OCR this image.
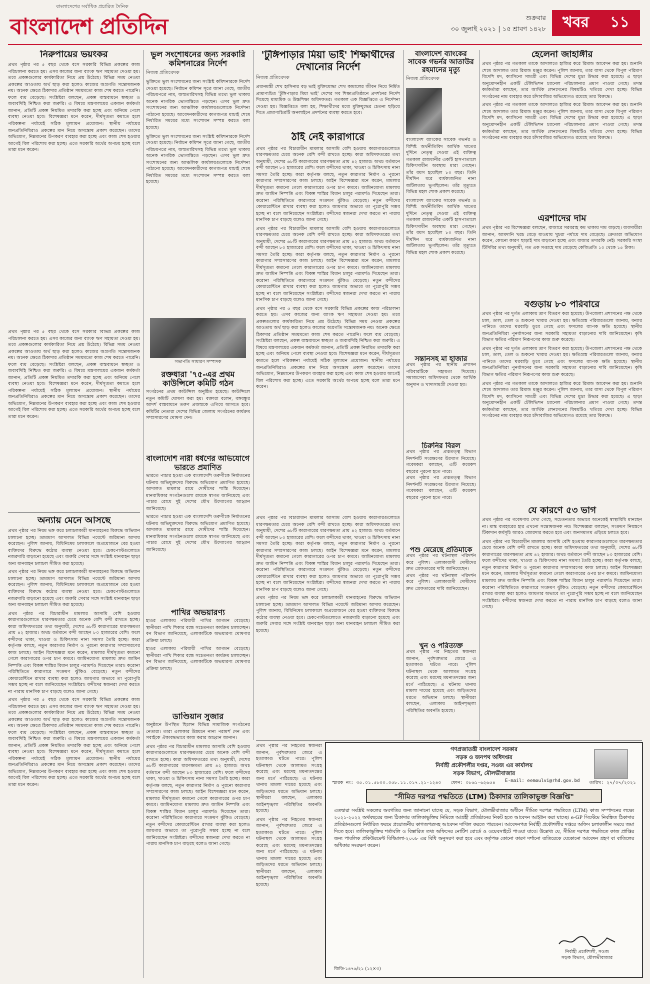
বাংলাদেশ প্রতিদিন
বাংলাদেশের সর্বাধিক প্রচারিত দৈনিক
শুক্রবার
৩০ জুলাই ২০২১ | ১৫ শ্রাবণ ১৪২৮ খবর ১১
নিরুপায়ের ভয়ংকর
প্রথম পৃষ্ঠার পর ৫ বছর থেকে বসে সরকারি বিভিন্ন প্রকল্পের কাজ পরিচালনা করতে হয়। এসব কাজের জন্য ব্যাংক ঋণ সহায়তা দেওয়া হয়। তবে প্রকল্পগুলোর কার্যকারিতা নিয়ে প্রশ্ন উঠেছে। বিভিন্ন সময় নেওয়া প্রকল্পের আওতায় অর্থ ছাড় করা হলেও কাজের অগ্রগতি সন্তোষজনক নয়। অনেক ক্ষেত্রে ঠিকাদার প্রতিষ্ঠান সময়মতো কাজ শেষ করতে পারেনি। ফলে ব্যয় বেড়েছে। সংশ্লিষ্টরা বলছেন, প্রকল্প বাস্তবায়নে স্বচ্ছতা ও জবাবদিহি নিশ্চিত করা জরুরি। এ বিষয়ে মন্ত্রণালয়ের একজন কর্মকর্তা জানান, প্রতিটি প্রকল্প নিয়মিত তদারকি করা হচ্ছে এবং অনিয়ম পেলে ব্যবস্থা নেওয়া হবে। বিশেষজ্ঞরা মনে করেন, দীর্ঘসূত্রতা কমাতে হলে পরিকল্পনা পর্যায়েই সঠিক মূল্যায়ন প্রয়োজন। স্থানীয় পর্যায়ের জনপ্রতিনিধিরাও প্রকল্পের মান নিয়ে অসন্তোষ প্রকাশ করেছেন। তাদের অভিযোগ, নিম্নমানের উপকরণ ব্যবহার করা হচ্ছে এবং কাজ শেষ হওয়ার আগেই বিল পরিশোধ করা হচ্ছে। এতে সরকারি অর্থের অপচয় হচ্ছে বলে তারা মনে করেন।
প্রথম পৃষ্ঠার পর ৫ বছর থেকে বসে সরকারি বিভিন্ন প্রকল্পের কাজ পরিচালনা করতে হয়। এসব কাজের জন্য ব্যাংক ঋণ সহায়তা দেওয়া হয়। তবে প্রকল্পগুলোর কার্যকারিতা নিয়ে প্রশ্ন উঠেছে। বিভিন্ন সময় নেওয়া প্রকল্পের আওতায় অর্থ ছাড় করা হলেও কাজের অগ্রগতি সন্তোষজনক নয়। অনেক ক্ষেত্রে ঠিকাদার প্রতিষ্ঠান সময়মতো কাজ শেষ করতে পারেনি। ফলে ব্যয় বেড়েছে। সংশ্লিষ্টরা বলছেন, প্রকল্প বাস্তবায়নে স্বচ্ছতা ও জবাবদিহি নিশ্চিত করা জরুরি। এ বিষয়ে মন্ত্রণালয়ের একজন কর্মকর্তা জানান, প্রতিটি প্রকল্প নিয়মিত তদারকি করা হচ্ছে এবং অনিয়ম পেলে ব্যবস্থা নেওয়া হবে। বিশেষজ্ঞরা মনে করেন, দীর্ঘসূত্রতা কমাতে হলে পরিকল্পনা পর্যায়েই সঠিক মূল্যায়ন প্রয়োজন। স্থানীয় পর্যায়ের জনপ্রতিনিধিরাও প্রকল্পের মান নিয়ে অসন্তোষ প্রকাশ করেছেন। তাদের অভিযোগ, নিম্নমানের উপকরণ ব্যবহার করা হচ্ছে এবং কাজ শেষ হওয়ার আগেই বিল পরিশোধ করা হচ্ছে। এতে সরকারি অর্থের অপচয় হচ্ছে বলে তারা মনে করেন।
অন্যায় মেনে আসছে
প্রথম পৃষ্ঠার পর নিয়ম ভঙ্গ করে চলাচলকারী যানবাহনের বিরুদ্ধে অভিযান চালানো হচ্ছে। ভ্রাম্যমাণ আদালত বিভিন্ন পয়েন্টে জরিমানা আদায় করেছেন। পুলিশ জানায়, বিধিনিষেধ চলাকালে অপ্রয়োজনে বের হওয়া ব্যক্তিদের বিরুদ্ধে কঠোর ব্যবস্থা নেওয়া হবে। চেকপোস্টগুলোতে নজরদারি বাড়ানো হয়েছে এবং জরুরি সেবার সঙ্গে সংশ্লিষ্ট যানবাহন ছাড়া অন্য যানবাহন চলাচল সীমিত করা হয়েছে।
প্রথম পৃষ্ঠার পর নিয়ম ভঙ্গ করে চলাচলকারী যানবাহনের বিরুদ্ধে অভিযান চালানো হচ্ছে। ভ্রাম্যমাণ আদালত বিভিন্ন পয়েন্টে জরিমানা আদায় করেছেন। পুলিশ জানায়, বিধিনিষেধ চলাকালে অপ্রয়োজনে বের হওয়া ব্যক্তিদের বিরুদ্ধে কঠোর ব্যবস্থা নেওয়া হবে। চেকপোস্টগুলোতে নজরদারি বাড়ানো হয়েছে এবং জরুরি সেবার সঙ্গে সংশ্লিষ্ট যানবাহন ছাড়া অন্য যানবাহন চলাচল সীমিত করা হয়েছে।
প্রথম পৃষ্ঠার পর বিচারাধীন মামলার আসামি বেশি হওয়ায় কারাগারগুলোতে ধারণক্ষমতার চেয়ে অনেক বেশি বন্দী রাখতে হচ্ছে। কারা অধিদফতরের তথ্য অনুযায়ী, দেশের ৬৮টি কারাগারের ধারণক্ষমতা প্রায় ৪২ হাজার। অথচ বর্তমানে বন্দী আছেন ৮০ হাজারের বেশি। ফলে বন্দীদের থাকা, খাওয়া ও চিকিৎসায় নানা সমস্যা তৈরি হচ্ছে। কারা কর্তৃপক্ষ বলছে, নতুন কারাগার নির্মাণ ও পুরনো কারাগার সম্প্রসারণের কাজ চলছে। আইন বিশেষজ্ঞরা মনে করেন, মামলার দীর্ঘসূত্রতা কমানো গেলে কারাগারের ওপর চাপ কমবে। জামিনযোগ্য মামলায় দ্রুত জামিন নিষ্পত্তি এবং বিকল্প শাস্তির বিধান চালুর পরামর্শও দিয়েছেন তারা। করোনা পরিস্থিতিতে কারাগারে সংক্রমণ ঝুঁকিও বেড়েছে। নতুন বন্দীদের কোয়ারেন্টিনে রাখার ব্যবস্থা করা হলেও জায়গার অভাবে তা পুরোপুরি সম্ভব হচ্ছে না বলে জানিয়েছেন সংশ্লিষ্টরা। বন্দীদের স্বজনরা দেখা করতে না পারায় মানসিক চাপ বাড়ছে বলেও জানা গেছে।
প্রথম পৃষ্ঠার পর ৫ বছর থেকে বসে সরকারি বিভিন্ন প্রকল্পের কাজ পরিচালনা করতে হয়। এসব কাজের জন্য ব্যাংক ঋণ সহায়তা দেওয়া হয়। তবে প্রকল্পগুলোর কার্যকারিতা নিয়ে প্রশ্ন উঠেছে। বিভিন্ন সময় নেওয়া প্রকল্পের আওতায় অর্থ ছাড় করা হলেও কাজের অগ্রগতি সন্তোষজনক নয়। অনেক ক্ষেত্রে ঠিকাদার প্রতিষ্ঠান সময়মতো কাজ শেষ করতে পারেনি। ফলে ব্যয় বেড়েছে। সংশ্লিষ্টরা বলছেন, প্রকল্প বাস্তবায়নে স্বচ্ছতা ও জবাবদিহি নিশ্চিত করা জরুরি। এ বিষয়ে মন্ত্রণালয়ের একজন কর্মকর্তা জানান, প্রতিটি প্রকল্প নিয়মিত তদারকি করা হচ্ছে এবং অনিয়ম পেলে ব্যবস্থা নেওয়া হবে। বিশেষজ্ঞরা মনে করেন, দীর্ঘসূত্রতা কমাতে হলে পরিকল্পনা পর্যায়েই সঠিক মূল্যায়ন প্রয়োজন। স্থানীয় পর্যায়ের জনপ্রতিনিধিরাও প্রকল্পের মান নিয়ে অসন্তোষ প্রকাশ করেছেন। তাদের অভিযোগ, নিম্নমানের উপকরণ ব্যবহার করা হচ্ছে এবং কাজ শেষ হওয়ার আগেই বিল পরিশোধ করা হচ্ছে। এতে সরকারি অর্থের অপচয় হচ্ছে বলে তারা মনে করেন।
ভুল সংশোধনের জন্য সরকারি কমিশনারের নির্দেশ
নিজস্ব প্রতিবেদক
ভুক্তিতে ভুল সংশোধনের জন্য সংশ্লিষ্ট কমিশনারকে নির্দেশ দেওয়া হয়েছে। নির্বাচন কমিশন সূত্রে জানা গেছে, জাতীয় পরিচয়পত্রে নাম, জন্মতারিখসহ বিভিন্ন তথ্যে ভুল থাকায় অনেক নাগরিক ভোগান্তিতে পড়ছেন। এসব ভুল দ্রুত সংশোধনের জন্য আঞ্চলিক কার্যালয়গুলোকে নির্দেশনা পাঠানো হয়েছে। আবেদনকারীদের কাগজপত্র যাচাই শেষে নির্ধারিত সময়ের মধ্যে সংশোধন সম্পন্ন করতে বলা হয়েছে।
ভুক্তিতে ভুল সংশোধনের জন্য সংশ্লিষ্ট কমিশনারকে নির্দেশ দেওয়া হয়েছে। নির্বাচন কমিশন সূত্রে জানা গেছে, জাতীয় পরিচয়পত্রে নাম, জন্মতারিখসহ বিভিন্ন তথ্যে ভুল থাকায় অনেক নাগরিক ভোগান্তিতে পড়ছেন। এসব ভুল দ্রুত সংশোধনের জন্য আঞ্চলিক কার্যালয়গুলোকে নির্দেশনা পাঠানো হয়েছে। আবেদনকারীদের কাগজপত্র যাচাই শেষে নির্ধারিত সময়ের মধ্যে সংশোধন সম্পন্ন করতে বলা হয়েছে।
সভাপতি সাধারণ সম্পাদক
রক্তধারা '৭৫-এর প্রথম কাউন্সিলে কমিটি গঠন
সংগঠনের প্রথম কাউন্সিল অনুষ্ঠিত হয়েছে। কাউন্সিলে নতুন কমিটি ঘোষণা করা হয়। বক্তারা বলেন, বঙ্গবন্ধুর আদর্শ বাস্তবায়নে তরুণ প্রজন্মকে এগিয়ে আসতে হবে। কমিটির নেতারা দেশের বিভিন্ন জেলায় সংগঠনের কার্যক্রম সম্প্রসারণের ঘোষণা দেন।
বাংলাদেশি নারী ধর্ষণের অভিযোগে ভারতে প্রমাণিত
ভারতে পাচার হওয়া এক বাংলাদেশি তরুণীকে নির্যাতনের ঘটনায় অভিযুক্তদের বিরুদ্ধে অভিযোগ প্রমাণিত হয়েছে। আদালত মামলার রায়ে দোষীদের শাস্তি দিয়েছেন। মানবাধিকার সংগঠনগুলো রায়কে স্বাগত জানিয়েছে এবং পাচার রোধে দুই দেশের যৌথ উদ্যোগের আহ্বান জানিয়েছে।
ভারতে পাচার হওয়া এক বাংলাদেশি তরুণীকে নির্যাতনের ঘটনায় অভিযুক্তদের বিরুদ্ধে অভিযোগ প্রমাণিত হয়েছে। আদালত মামলার রায়ে দোষীদের শাস্তি দিয়েছেন। মানবাধিকার সংগঠনগুলো রায়কে স্বাগত জানিয়েছে এবং পাচার রোধে দুই দেশের যৌথ উদ্যোগের আহ্বান জানিয়েছে।
পাখির অভয়ারণ্য
হাওর এলাকায় পরিযায়ী পাখির আগমন বেড়েছে। স্থানীয়রা পাখি শিকার বন্ধে সচেতনতা কার্যক্রম চালাচ্ছেন। বন বিভাগ জানিয়েছে, এলাকাটিকে অভয়ারণ্য ঘোষণার প্রক্রিয়া চলছে।
হাওর এলাকায় পরিযায়ী পাখির আগমন বেড়েছে। স্থানীয়রা পাখি শিকার বন্ধে সচেতনতা কার্যক্রম চালাচ্ছেন। বন বিভাগ জানিয়েছে, এলাকাটিকে অভয়ারণ্য ঘোষণার প্রক্রিয়া চলছে।
ডাণ্ডিয়ান সুজার
অনুষ্ঠানে উপস্থিত ছিলেন বিভিন্ন সামাজিক সংগঠনের নেতারা। তারা এলাকার উন্নয়নে নানা পরামর্শ দেন এবং সবাইকে ঐক্যবদ্ধভাবে কাজ করার আহ্বান জানান।
প্রথম পৃষ্ঠার পর বিচারাধীন মামলার আসামি বেশি হওয়ায় কারাগারগুলোতে ধারণক্ষমতার চেয়ে অনেক বেশি বন্দী রাখতে হচ্ছে। কারা অধিদফতরের তথ্য অনুযায়ী, দেশের ৬৮টি কারাগারের ধারণক্ষমতা প্রায় ৪২ হাজার। অথচ বর্তমানে বন্দী আছেন ৮০ হাজারের বেশি। ফলে বন্দীদের থাকা, খাওয়া ও চিকিৎসায় নানা সমস্যা তৈরি হচ্ছে। কারা কর্তৃপক্ষ বলছে, নতুন কারাগার নির্মাণ ও পুরনো কারাগার সম্প্রসারণের কাজ চলছে। আইন বিশেষজ্ঞরা মনে করেন, মামলার দীর্ঘসূত্রতা কমানো গেলে কারাগারের ওপর চাপ কমবে। জামিনযোগ্য মামলায় দ্রুত জামিন নিষ্পত্তি এবং বিকল্প শাস্তির বিধান চালুর পরামর্শও দিয়েছেন তারা। করোনা পরিস্থিতিতে কারাগারে সংক্রমণ ঝুঁকিও বেড়েছে। নতুন বন্দীদের কোয়ারেন্টিনে রাখার ব্যবস্থা করা হলেও জায়গার অভাবে তা পুরোপুরি সম্ভব হচ্ছে না বলে জানিয়েছেন সংশ্লিষ্টরা। বন্দীদের স্বজনরা দেখা করতে না পারায় মানসিক চাপ বাড়ছে বলেও জানা গেছে।
'টুঙ্গিপাড়ার মিয়া ভাই' শিক্ষার্থীদের দেখানোর নির্দেশ
নিজস্ব প্রতিবেদক
প্রধানমন্ত্রী শেখ হাসিনার বড় ভাই মুক্তিযোদ্ধা শেখ কামালের জীবন নিয়ে নির্মিত প্রামাণ্যচিত্র 'টুঙ্গিপাড়ার মিয়া ভাই' দেশের সব শিক্ষাপ্রতিষ্ঠানে প্রদর্শনের নির্দেশ দিয়েছে মাধ্যমিক ও উচ্চশিক্ষা অধিদফতর। গতকাল এক বিজ্ঞপ্তিতে এ নির্দেশনা দেওয়া হয়। বিজ্ঞপ্তিতে বলা হয়, শিক্ষার্থীদের মধ্যে মুক্তিযুদ্ধের চেতনা ছড়িয়ে দিতে প্রামাণ্যচিত্রটি অনলাইনে প্রদর্শনের ব্যবস্থা করতে হবে।
ঠাঁই নেই কারাগারে
প্রথম পৃষ্ঠার পর বিচারাধীন মামলার আসামি বেশি হওয়ায় কারাগারগুলোতে ধারণক্ষমতার চেয়ে অনেক বেশি বন্দী রাখতে হচ্ছে। কারা অধিদফতরের তথ্য অনুযায়ী, দেশের ৬৮টি কারাগারের ধারণক্ষমতা প্রায় ৪২ হাজার। অথচ বর্তমানে বন্দী আছেন ৮০ হাজারের বেশি। ফলে বন্দীদের থাকা, খাওয়া ও চিকিৎসায় নানা সমস্যা তৈরি হচ্ছে। কারা কর্তৃপক্ষ বলছে, নতুন কারাগার নির্মাণ ও পুরনো কারাগার সম্প্রসারণের কাজ চলছে। আইন বিশেষজ্ঞরা মনে করেন, মামলার দীর্ঘসূত্রতা কমানো গেলে কারাগারের ওপর চাপ কমবে। জামিনযোগ্য মামলায় দ্রুত জামিন নিষ্পত্তি এবং বিকল্প শাস্তির বিধান চালুর পরামর্শও দিয়েছেন তারা। করোনা পরিস্থিতিতে কারাগারে সংক্রমণ ঝুঁকিও বেড়েছে। নতুন বন্দীদের কোয়ারেন্টিনে রাখার ব্যবস্থা করা হলেও জায়গার অভাবে তা পুরোপুরি সম্ভব হচ্ছে না বলে জানিয়েছেন সংশ্লিষ্টরা। বন্দীদের স্বজনরা দেখা করতে না পারায় মানসিক চাপ বাড়ছে বলেও জানা গেছে।
প্রথম পৃষ্ঠার পর বিচারাধীন মামলার আসামি বেশি হওয়ায় কারাগারগুলোতে ধারণক্ষমতার চেয়ে অনেক বেশি বন্দী রাখতে হচ্ছে। কারা অধিদফতরের তথ্য অনুযায়ী, দেশের ৬৮টি কারাগারের ধারণক্ষমতা প্রায় ৪২ হাজার। অথচ বর্তমানে বন্দী আছেন ৮০ হাজারের বেশি। ফলে বন্দীদের থাকা, খাওয়া ও চিকিৎসায় নানা সমস্যা তৈরি হচ্ছে। কারা কর্তৃপক্ষ বলছে, নতুন কারাগার নির্মাণ ও পুরনো কারাগার সম্প্রসারণের কাজ চলছে। আইন বিশেষজ্ঞরা মনে করেন, মামলার দীর্ঘসূত্রতা কমানো গেলে কারাগারের ওপর চাপ কমবে। জামিনযোগ্য মামলায় দ্রুত জামিন নিষ্পত্তি এবং বিকল্প শাস্তির বিধান চালুর পরামর্শও দিয়েছেন তারা। করোনা পরিস্থিতিতে কারাগারে সংক্রমণ ঝুঁকিও বেড়েছে। নতুন বন্দীদের কোয়ারেন্টিনে রাখার ব্যবস্থা করা হলেও জায়গার অভাবে তা পুরোপুরি সম্ভব হচ্ছে না বলে জানিয়েছেন সংশ্লিষ্টরা। বন্দীদের স্বজনরা দেখা করতে না পারায় মানসিক চাপ বাড়ছে বলেও জানা গেছে।
প্রথম পৃষ্ঠার পর ৫ বছর থেকে বসে সরকারি বিভিন্ন প্রকল্পের কাজ পরিচালনা করতে হয়। এসব কাজের জন্য ব্যাংক ঋণ সহায়তা দেওয়া হয়। তবে প্রকল্পগুলোর কার্যকারিতা নিয়ে প্রশ্ন উঠেছে। বিভিন্ন সময় নেওয়া প্রকল্পের আওতায় অর্থ ছাড় করা হলেও কাজের অগ্রগতি সন্তোষজনক নয়। অনেক ক্ষেত্রে ঠিকাদার প্রতিষ্ঠান সময়মতো কাজ শেষ করতে পারেনি। ফলে ব্যয় বেড়েছে। সংশ্লিষ্টরা বলছেন, প্রকল্প বাস্তবায়নে স্বচ্ছতা ও জবাবদিহি নিশ্চিত করা জরুরি। এ বিষয়ে মন্ত্রণালয়ের একজন কর্মকর্তা জানান, প্রতিটি প্রকল্প নিয়মিত তদারকি করা হচ্ছে এবং অনিয়ম পেলে ব্যবস্থা নেওয়া হবে। বিশেষজ্ঞরা মনে করেন, দীর্ঘসূত্রতা কমাতে হলে পরিকল্পনা পর্যায়েই সঠিক মূল্যায়ন প্রয়োজন। স্থানীয় পর্যায়ের জনপ্রতিনিধিরাও প্রকল্পের মান নিয়ে অসন্তোষ প্রকাশ করেছেন। তাদের অভিযোগ, নিম্নমানের উপকরণ ব্যবহার করা হচ্ছে এবং কাজ শেষ হওয়ার আগেই বিল পরিশোধ করা হচ্ছে। এতে সরকারি অর্থের অপচয় হচ্ছে বলে তারা মনে করেন।
প্রথম পৃষ্ঠার পর বিচারাধীন মামলার আসামি বেশি হওয়ায় কারাগারগুলোতে ধারণক্ষমতার চেয়ে অনেক বেশি বন্দী রাখতে হচ্ছে। কারা অধিদফতরের তথ্য অনুযায়ী, দেশের ৬৮টি কারাগারের ধারণক্ষমতা প্রায় ৪২ হাজার। অথচ বর্তমানে বন্দী আছেন ৮০ হাজারের বেশি। ফলে বন্দীদের থাকা, খাওয়া ও চিকিৎসায় নানা সমস্যা তৈরি হচ্ছে। কারা কর্তৃপক্ষ বলছে, নতুন কারাগার নির্মাণ ও পুরনো কারাগার সম্প্রসারণের কাজ চলছে। আইন বিশেষজ্ঞরা মনে করেন, মামলার দীর্ঘসূত্রতা কমানো গেলে কারাগারের ওপর চাপ কমবে। জামিনযোগ্য মামলায় দ্রুত জামিন নিষ্পত্তি এবং বিকল্প শাস্তির বিধান চালুর পরামর্শও দিয়েছেন তারা। করোনা পরিস্থিতিতে কারাগারে সংক্রমণ ঝুঁকিও বেড়েছে। নতুন বন্দীদের কোয়ারেন্টিনে রাখার ব্যবস্থা করা হলেও জায়গার অভাবে তা পুরোপুরি সম্ভব হচ্ছে না বলে জানিয়েছেন সংশ্লিষ্টরা। বন্দীদের স্বজনরা দেখা করতে না পারায় মানসিক চাপ বাড়ছে বলেও জানা গেছে।
প্রথম পৃষ্ঠার পর নিয়ম ভঙ্গ করে চলাচলকারী যানবাহনের বিরুদ্ধে অভিযান চালানো হচ্ছে। ভ্রাম্যমাণ আদালত বিভিন্ন পয়েন্টে জরিমানা আদায় করেছেন। পুলিশ জানায়, বিধিনিষেধ চলাকালে অপ্রয়োজনে বের হওয়া ব্যক্তিদের বিরুদ্ধে কঠোর ব্যবস্থা নেওয়া হবে। চেকপোস্টগুলোতে নজরদারি বাড়ানো হয়েছে এবং জরুরি সেবার সঙ্গে সংশ্লিষ্ট যানবাহন ছাড়া অন্য যানবাহন চলাচল সীমিত করা হয়েছে।
বাংলাদেশ ব্যাংকের সাবেক গভর্নর আতাউর রহমানের মৃত্যু
নিজস্ব প্রতিবেদক
বাংলাদেশ ব্যাংকের সাবেক গভর্নর ও বিশিষ্ট অর্থনীতিবিদ আর্থিক খাতের দুর্দিনে নেতৃত্ব দেওয়া এই ব্যক্তিত্ব গতকাল রাজধানীর একটি হাসপাতালে চিকিৎসাধীন অবস্থায় মারা গেছেন। তাঁর বয়স হয়েছিল ৮০ বছর। তিনি দীর্ঘদিন ধরে বার্ধক্যজনিত নানা জটিলতায় ভুগছিলেন। তাঁর মৃত্যুতে বিভিন্ন মহল শোক প্রকাশ করেছে।
বাংলাদেশ ব্যাংকের সাবেক গভর্নর ও বিশিষ্ট অর্থনীতিবিদ আর্থিক খাতের দুর্দিনে নেতৃত্ব দেওয়া এই ব্যক্তিত্ব গতকাল রাজধানীর একটি হাসপাতালে চিকিৎসাধীন অবস্থায় মারা গেছেন। তাঁর বয়স হয়েছিল ৮০ বছর। তিনি দীর্ঘদিন ধরে বার্ধক্যজনিত নানা জটিলতায় ভুগছিলেন। তাঁর মৃত্যুতে বিভিন্ন মহল শোক প্রকাশ করেছে।
সন্তানসহ মা হাজার
প্রথম পৃষ্ঠার পর স্থানীয় প্রশাসন পরিবারটিকে সহায়তা দিয়েছে। সমাজসেবা অধিদফতর থেকে আর্থিক অনুদান ও খাদ্যসামগ্রী দেওয়া হয়।
চিরুনির বিরল
প্রথম পৃষ্ঠার পর প্রত্নতত্ত্ব বিভাগ নিদর্শনটি সংরক্ষণের উদ্যোগ নিয়েছে। গবেষকরা বলছেন, এটি কয়েকশ বছরের পুরনো হতে পারে।
প্রথম পৃষ্ঠার পর প্রত্নতত্ত্ব বিভাগ নিদর্শনটি সংরক্ষণের উদ্যোগ নিয়েছে। গবেষকরা বলছেন, এটি কয়েকশ বছরের পুরনো হতে পারে।
পশু মেরেছে প্রতিমাকে
প্রথম পৃষ্ঠার পর ঘটনাস্থল পরিদর্শন করে পুলিশ। এলাকাবাসী দোষীদের দ্রুত গ্রেফতারের দাবি জানিয়েছেন।
প্রথম পৃষ্ঠার পর ঘটনাস্থল পরিদর্শন করে পুলিশ। এলাকাবাসী দোষীদের দ্রুত গ্রেফতারের দাবি জানিয়েছেন।
খুন ও পরিত্যক্ত
প্রথম পৃষ্ঠার পর নিহতের স্বজনরা জানান, পূর্বশত্রুতার জেরে এ হত্যাকাণ্ড ঘটতে পারে। পুলিশ ঘটনাস্থল থেকে আলামত সংগ্রহ করেছে এবং মরদেহ ময়নাতদন্তের জন্য মর্গে পাঠিয়েছে। এ ঘটনায় থানায় মামলা দায়ের হয়েছে এবং জড়িতদের ধরতে অভিযান চলছে। স্থানীয়রা বলছেন, এলাকায় আইনশৃঙ্খলা পরিস্থিতির অবনতি হয়েছে।
হেলেনা জাহাঙ্গীর
প্রথম পৃষ্ঠার পর গতকাল তাকে আদালতে হাজির করে রিমান্ড আবেদন করা হয়। শুনানি শেষে আদালত তার রিমান্ড মঞ্জুর করেন। পুলিশ জানায়, তার বাসা থেকে বিপুল পরিমাণ বিদেশি মদ, ক্যাসিনো সামগ্রী এবং বিভিন্ন দেশের মুদ্রা উদ্ধার করা হয়েছে। এ ছাড়া অনুমোদনহীন একটি টেলিভিশন চ্যানেল পরিচালনার প্রমাণ পাওয়া গেছে। তদন্ত কর্মকর্তারা বলছেন, তার আর্থিক লেনদেনের বিষয়টিও খতিয়ে দেখা হচ্ছে। বিভিন্ন সংগঠনের নাম ব্যবহার করে চাঁদাবাজির অভিযোগও রয়েছে তার বিরুদ্ধে।
প্রথম পৃষ্ঠার পর গতকাল তাকে আদালতে হাজির করে রিমান্ড আবেদন করা হয়। শুনানি শেষে আদালত তার রিমান্ড মঞ্জুর করেন। পুলিশ জানায়, তার বাসা থেকে বিপুল পরিমাণ বিদেশি মদ, ক্যাসিনো সামগ্রী এবং বিভিন্ন দেশের মুদ্রা উদ্ধার করা হয়েছে। এ ছাড়া অনুমোদনহীন একটি টেলিভিশন চ্যানেল পরিচালনার প্রমাণ পাওয়া গেছে। তদন্ত কর্মকর্তারা বলছেন, তার আর্থিক লেনদেনের বিষয়টিও খতিয়ে দেখা হচ্ছে। বিভিন্ন সংগঠনের নাম ব্যবহার করে চাঁদাবাজির অভিযোগও রয়েছে তার বিরুদ্ধে।
এরশাদের দাম
প্রথম পৃষ্ঠার পর বিশেষজ্ঞরা বলছেন, বাজারে সরবরাহ কম থাকায় দাম বাড়ছে। ব্যবসায়ীরা জানান, আমদানি খরচ বেড়ে যাওয়ায় খুচরা পর্যায়ে দাম বেড়েছে। ক্রেতারা অভিযোগ করেন, কোনো কারণ ছাড়াই দাম বাড়ানো হচ্ছে এবং বাজার তদারকি নেই। সরকারি সংস্থা টিসিবির তথ্য অনুযায়ী, গত এক সপ্তাহে দাম বেড়েছে কেজিপ্রতি ১০ থেকে ১৫ টাকা।
বগুড়ায় ৮০ পরিবারে
প্রথম পৃষ্ঠার পর দুর্গত এলাকায় ত্রাণ বিতরণ করা হয়েছে। উপজেলা প্রশাসনের পক্ষ থেকে চাল, ডাল, তেল ও শুকনো খাবার দেওয়া হয়। ক্ষতিগ্রস্ত পরিবারগুলো জানায়, বন্যার পানিতে তাদের ঘরবাড়ি ডুবে গেছে এবং ফসলের ব্যাপক ক্ষতি হয়েছে। স্থানীয় জনপ্রতিনিধিরা পুনর্বাসনের জন্য সরকারি সহায়তা বাড়ানোর দাবি জানিয়েছেন। কৃষি বিভাগ ক্ষতির পরিমাণ নিরূপণের কাজ শুরু করেছে।
প্রথম পৃষ্ঠার পর দুর্গত এলাকায় ত্রাণ বিতরণ করা হয়েছে। উপজেলা প্রশাসনের পক্ষ থেকে চাল, ডাল, তেল ও শুকনো খাবার দেওয়া হয়। ক্ষতিগ্রস্ত পরিবারগুলো জানায়, বন্যার পানিতে তাদের ঘরবাড়ি ডুবে গেছে এবং ফসলের ব্যাপক ক্ষতি হয়েছে। স্থানীয় জনপ্রতিনিধিরা পুনর্বাসনের জন্য সরকারি সহায়তা বাড়ানোর দাবি জানিয়েছেন। কৃষি বিভাগ ক্ষতির পরিমাণ নিরূপণের কাজ শুরু করেছে।
প্রথম পৃষ্ঠার পর গতকাল তাকে আদালতে হাজির করে রিমান্ড আবেদন করা হয়। শুনানি শেষে আদালত তার রিমান্ড মঞ্জুর করেন। পুলিশ জানায়, তার বাসা থেকে বিপুল পরিমাণ বিদেশি মদ, ক্যাসিনো সামগ্রী এবং বিভিন্ন দেশের মুদ্রা উদ্ধার করা হয়েছে। এ ছাড়া অনুমোদনহীন একটি টেলিভিশন চ্যানেল পরিচালনার প্রমাণ পাওয়া গেছে। তদন্ত কর্মকর্তারা বলছেন, তার আর্থিক লেনদেনের বিষয়টিও খতিয়ে দেখা হচ্ছে। বিভিন্ন সংগঠনের নাম ব্যবহার করে চাঁদাবাজির অভিযোগও রয়েছে তার বিরুদ্ধে।
যে কারণে ৫৩ ভাগ
প্রথম পৃষ্ঠার পর গবেষণায় দেখা গেছে, সচেতনতার অভাবে অনেকেই স্বাস্থ্যবিধি মানছেন না। মাস্ক ব্যবহারের হার এখনো সন্তোষজনক নয়। বিশেষজ্ঞরা বলছেন, সংক্রমণ নিয়ন্ত্রণে টিকাদান কর্মসূচি আরও জোরদার করতে হবে এবং জনসমাগম এড়িয়ে চলতে হবে।
প্রথম পৃষ্ঠার পর বিচারাধীন মামলার আসামি বেশি হওয়ায় কারাগারগুলোতে ধারণক্ষমতার চেয়ে অনেক বেশি বন্দী রাখতে হচ্ছে। কারা অধিদফতরের তথ্য অনুযায়ী, দেশের ৬৮টি কারাগারের ধারণক্ষমতা প্রায় ৪২ হাজার। অথচ বর্তমানে বন্দী আছেন ৮০ হাজারের বেশি। ফলে বন্দীদের থাকা, খাওয়া ও চিকিৎসায় নানা সমস্যা তৈরি হচ্ছে। কারা কর্তৃপক্ষ বলছে, নতুন কারাগার নির্মাণ ও পুরনো কারাগার সম্প্রসারণের কাজ চলছে। আইন বিশেষজ্ঞরা মনে করেন, মামলার দীর্ঘসূত্রতা কমানো গেলে কারাগারের ওপর চাপ কমবে। জামিনযোগ্য মামলায় দ্রুত জামিন নিষ্পত্তি এবং বিকল্প শাস্তির বিধান চালুর পরামর্শও দিয়েছেন তারা। করোনা পরিস্থিতিতে কারাগারে সংক্রমণ ঝুঁকিও বেড়েছে। নতুন বন্দীদের কোয়ারেন্টিনে রাখার ব্যবস্থা করা হলেও জায়গার অভাবে তা পুরোপুরি সম্ভব হচ্ছে না বলে জানিয়েছেন সংশ্লিষ্টরা। বন্দীদের স্বজনরা দেখা করতে না পারায় মানসিক চাপ বাড়ছে বলেও জানা গেছে।
প্রথম পৃষ্ঠার পর নিহতের স্বজনরা জানান, পূর্বশত্রুতার জেরে এ হত্যাকাণ্ড ঘটতে পারে। পুলিশ ঘটনাস্থল থেকে আলামত সংগ্রহ করেছে এবং মরদেহ ময়নাতদন্তের জন্য মর্গে পাঠিয়েছে। এ ঘটনায় থানায় মামলা দায়ের হয়েছে এবং জড়িতদের ধরতে অভিযান চলছে। স্থানীয়রা বলছেন, এলাকায় আইনশৃঙ্খলা পরিস্থিতির অবনতি হয়েছে।
প্রথম পৃষ্ঠার পর নিহতের স্বজনরা জানান, পূর্বশত্রুতার জেরে এ হত্যাকাণ্ড ঘটতে পারে। পুলিশ ঘটনাস্থল থেকে আলামত সংগ্রহ করেছে এবং মরদেহ ময়নাতদন্তের জন্য মর্গে পাঠিয়েছে। এ ঘটনায় থানায় মামলা দায়ের হয়েছে এবং জড়িতদের ধরতে অভিযান চলছে। স্থানীয়রা বলছেন, এলাকায় আইনশৃঙ্খলা পরিস্থিতির অবনতি হয়েছে।
গণপ্রজাতন্ত্রী বাংলাদেশ সরকার
সড়ক ও জনপথ অধিদপ্তর
নির্বাহী প্রকৌশলীর দপ্তর, সওজ এর কার্যালয়
সড়ক বিভাগ, মৌলভীবাজার
স্মারক নং: ৩৫.০১.৫৮০০.০৫৮.১১.০১৭.২১-১২৪০ ফোন: ০৮৬১-৬২৬৫৪ E-mail: eemoulvi@rhd.gov.bd তারিখ: ২৭/০৭/২০২১
"সীমিত দরপত্র পদ্ধতিতে (LTM) ঠিকাদার তালিকাভুক্ত বিজ্ঞপ্তি"
এতদ্বারা সংশ্লিষ্ট সকলের অবগতির জন্য জানানো যাচ্ছে যে, সড়ক বিভাগ, মৌলভীবাজার অধীনে সীমিত দরপত্র পদ্ধতিতে (LTM) কাজ সম্পাদনের লক্ষ্যে ২০২১-২০২২ অর্থবছরের জন্য ঠিকাদার তালিকাভুক্তির নিমিত্তে আগ্রহী প্রতিষ্ঠানের নিকট হতে আবেদন আহ্বান করা যাচ্ছে। e-GP সিস্টেমে নিবন্ধিত ঠিকাদার প্রতিষ্ঠানগুলো নির্ধারিত ফরমে প্রয়োজনীয় কাগজপত্রসহ আবেদন দাখিল করতে পারবেন। আবেদনপত্র নির্বাহী প্রকৌশলীর দপ্তরে অফিস চলাকালীন সময়ে জমা দিতে হবে। তালিকাভুক্তির শর্তাবলি ও বিস্তারিত তথ্য অফিসের নোটিশ বোর্ডে ও ওয়েবসাইটে পাওয়া যাবে। উল্লেখ্য যে, সীমিত দরপত্র পদ্ধতিতে কাজ প্রাপ্তির জন্য পাবলিক প্রকিউরমেন্ট বিধিমালা-২০০৮ এর বিধি অনুসরণ করা হবে এবং কর্তৃপক্ষ কোনো কারণ দর্শানো ব্যতিরেকে যেকোনো আবেদন গ্রহণ বা বাতিলের অধিকার সংরক্ষণ করেন।
নির্বাহী প্রকৌশলী, সওজ
সড়ক বিভাগ, মৌলভীবাজার
জিডি-১৪৭৬/২১ (১২×৩)
